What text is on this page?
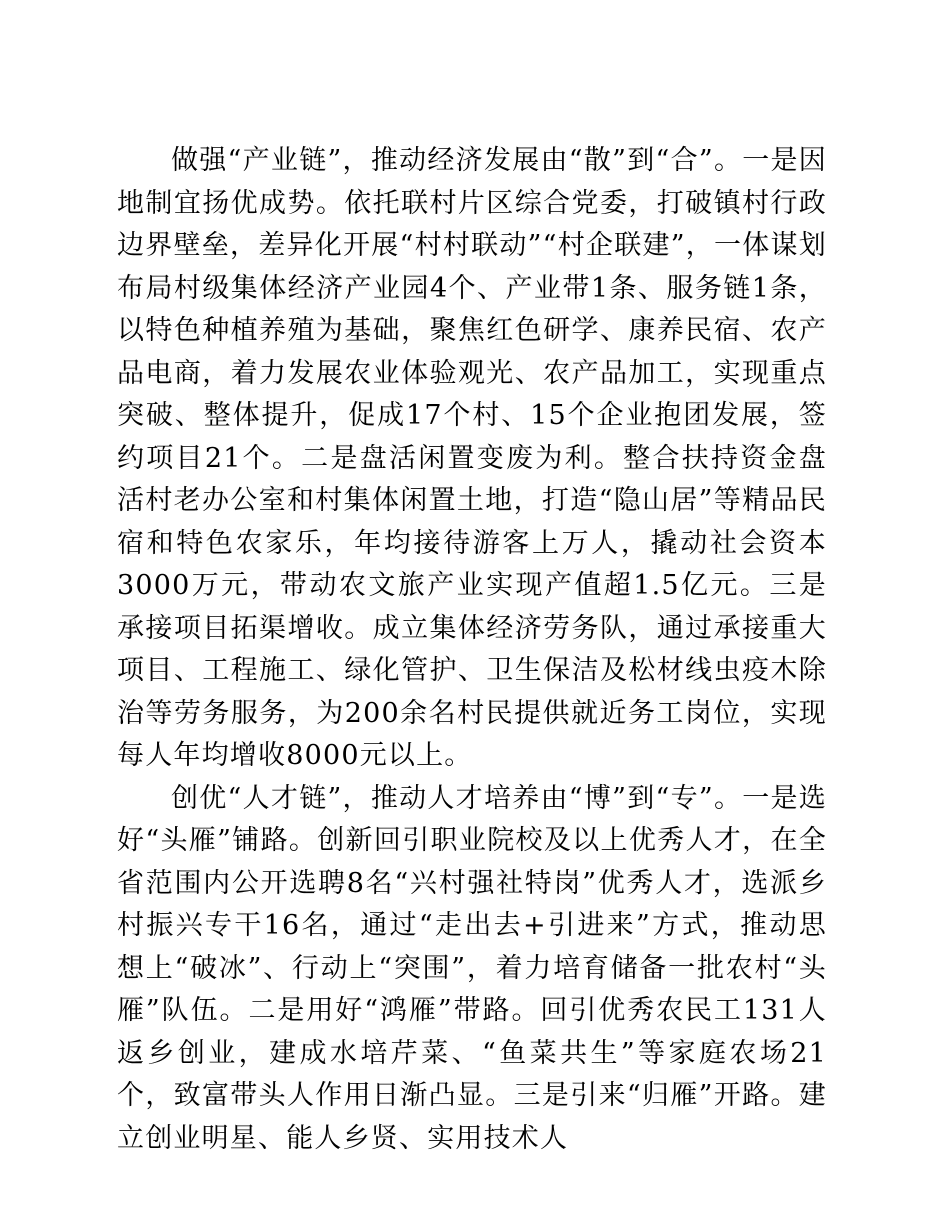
做强“产业链”，推动经济发展由“散”到“合”。一是因地制宜扬优成势。依托联村片区综合党委，打破镇村行政边界壁垒，差异化开展“村村联动”“村企联建”，一体谋划布局村级集体经济产业园4个、产业带1条、服务链1条，以特色种植养殖为基础，聚焦红色研学、康养民宿、农产品电商，着力发展农业体验观光、农产品加工，实现重点突破、整体提升，促成17个村、15个企业抱团发展，签约项目21个。二是盘活闲置变废为利。整合扶持资金盘活村老办公室和村集体闲置土地，打造“隐山居”等精品民宿和特色农家乐，年均接待游客上万人，撬动社会资本3000万元，带动农文旅产业实现产值超1.5亿元。三是承接项目拓渠增收。成立集体经济劳务队，通过承接重大项目、工程施工、绿化管护、卫生保洁及松材线虫疫木除治等劳务服务，为200余名村民提供就近务工岗位，实现每人年均增收8000元以上。

创优“人才链”，推动人才培养由“博”到“专”。一是选好“头雁”铺路。创新回引职业院校及以上优秀人才，在全省范围内公开选聘8名“兴村强社特岗”优秀人才，选派乡村振兴专干16名，通过“走出去+引进来”方式，推动思想上“破冰”、行动上“突围”，着力培育储备一批农村“头雁”队伍。二是用好“鸿雁”带路。回引优秀农民工131人返乡创业，建成水培芹菜、“鱼菜共生”等家庭农场21个，致富带头人作用日渐凸显。三是引来“归雁”开路。建立创业明星、能人乡贤、实用技术人
